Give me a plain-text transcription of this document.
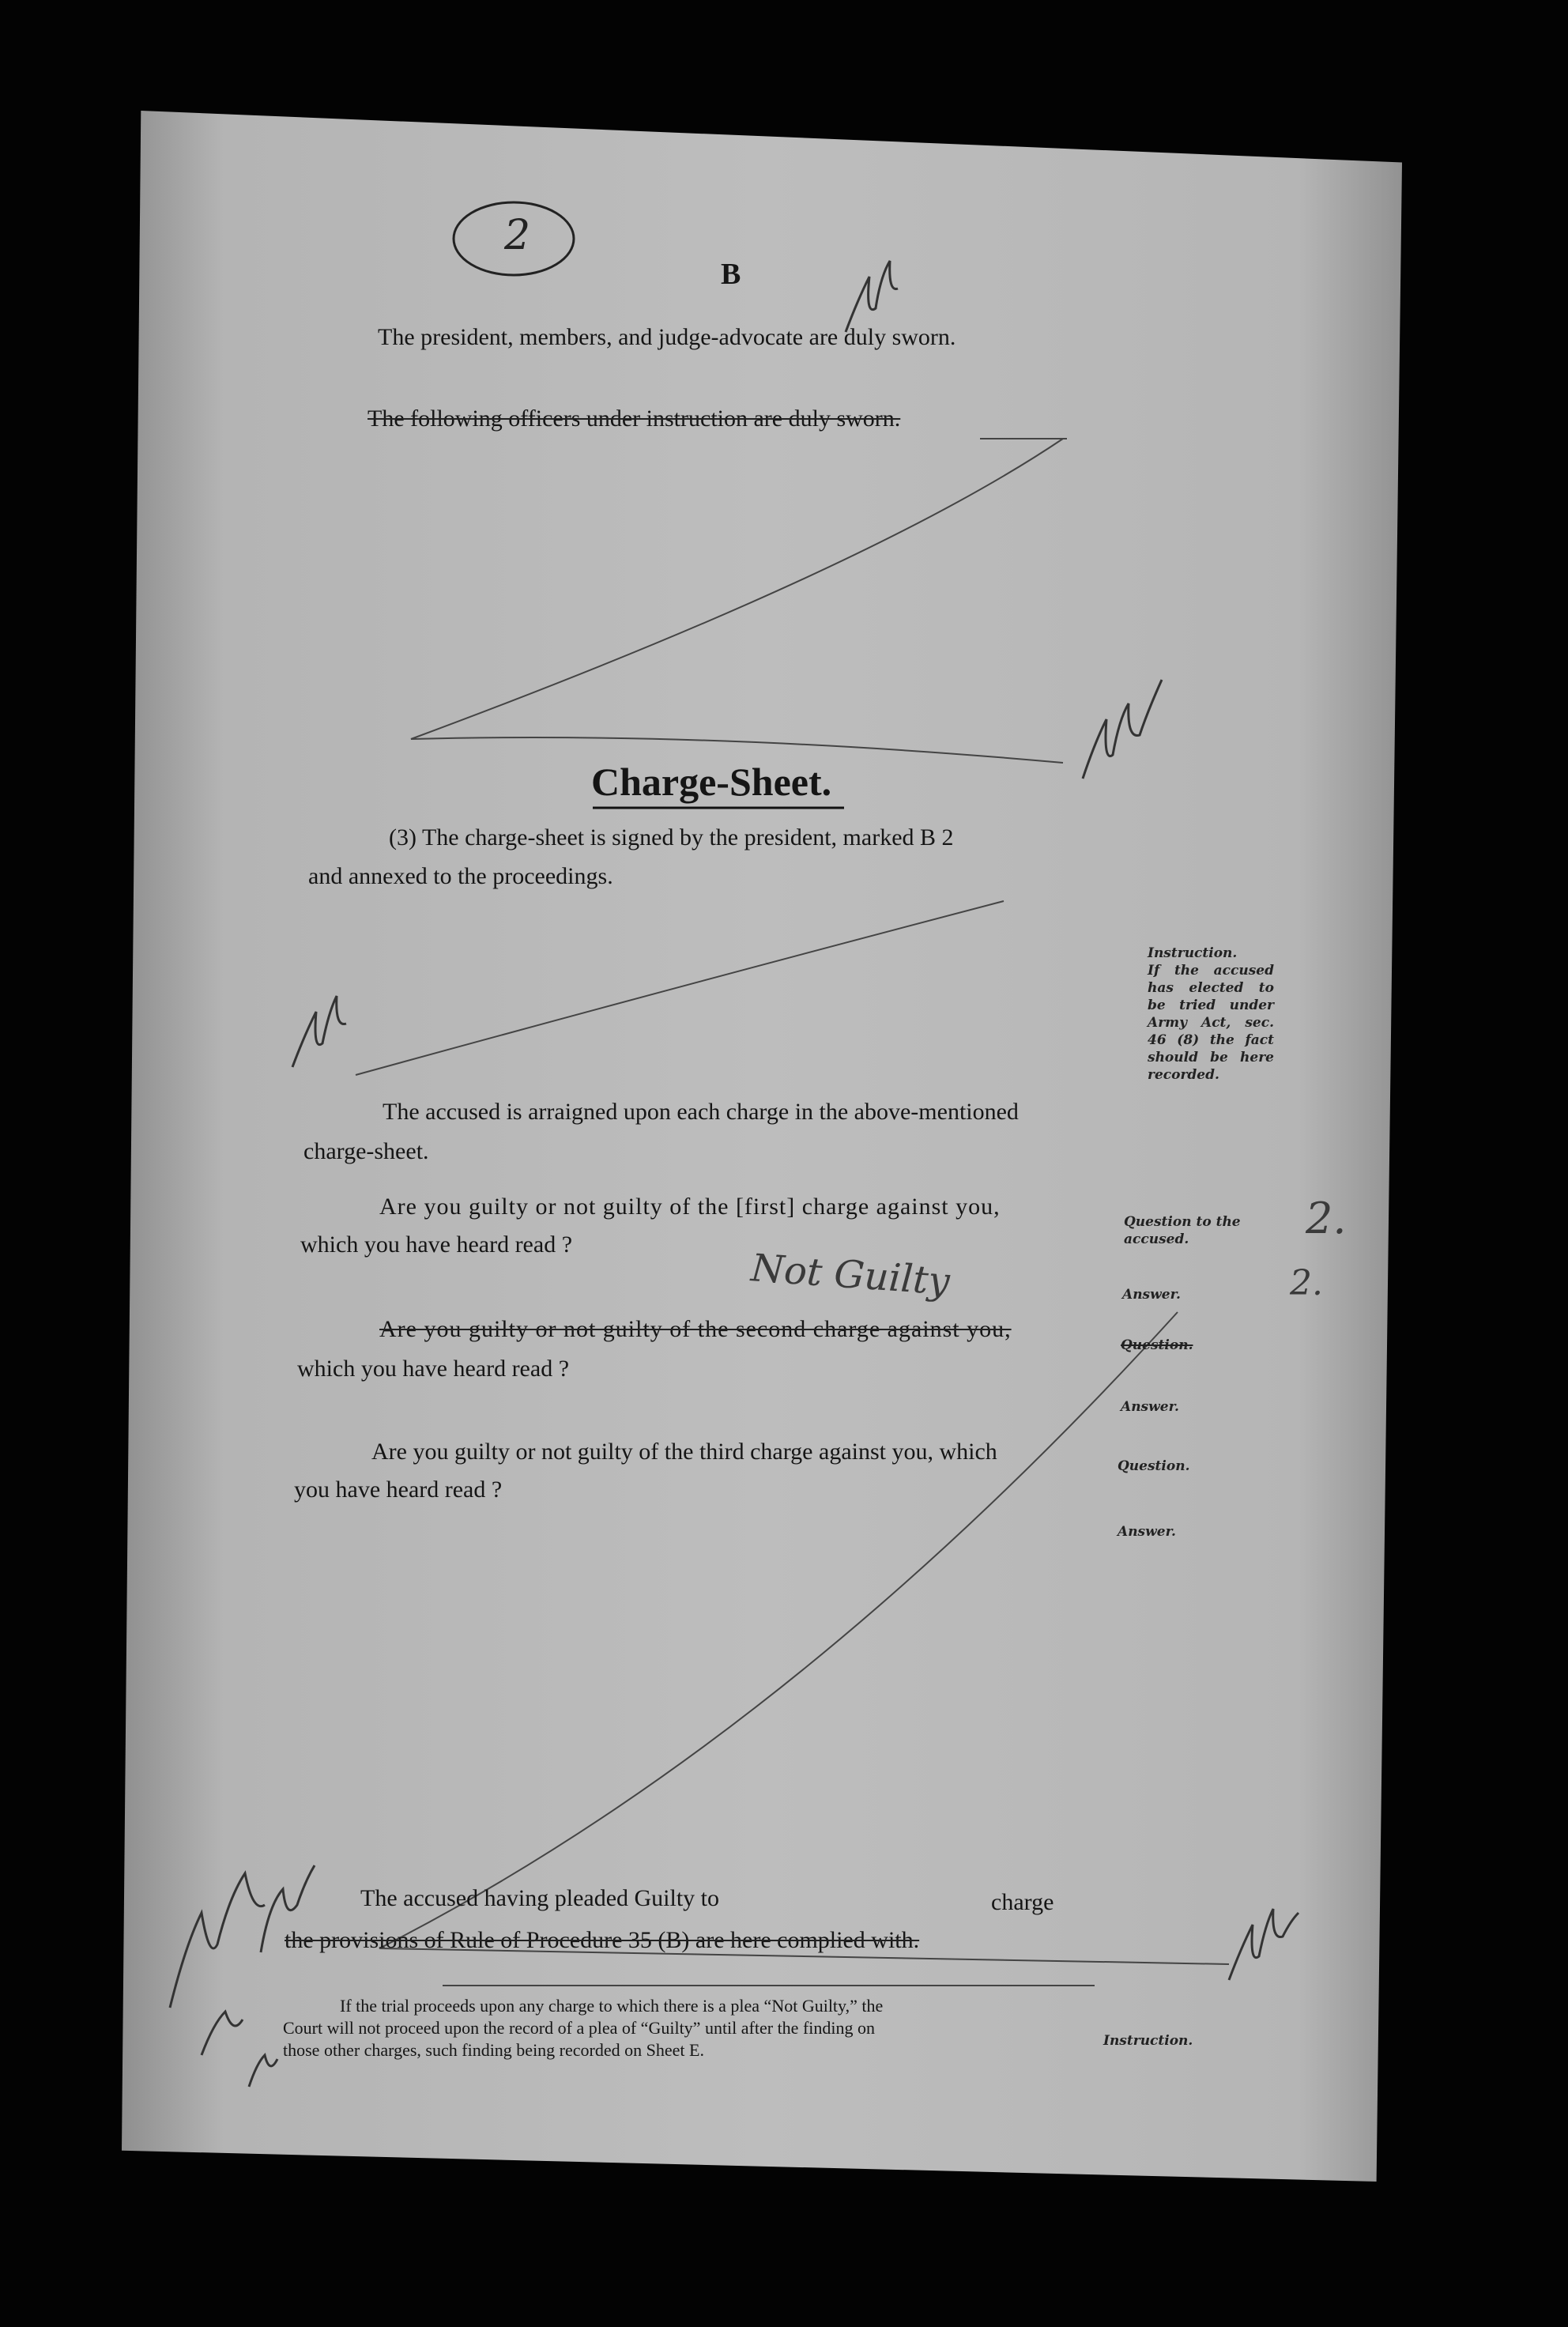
2
B
The president, members, and judge-advocate are duly sworn.
The following officers under instruction are duly sworn.
Charge-Sheet.
(3) The charge-sheet is signed by the president, marked B 2
and annexed to the proceedings.
Instruction.
If the accused has elected to be tried under Army Act, sec. 46 (8) the fact should be here recorded.
The accused is arraigned upon each charge in the above-mentioned
charge-sheet.
Are you guilty or not guilty of the [first] charge against you,
which you have heard read ?
Question to the accused.
Not Guilty	Answer.
Are you guilty or not guilty of the second charge against you,
which you have heard read ?
Question.
Answer.
Are you guilty or not guilty of the third charge against you, which
you have heard read ?
Question.
Answer.
The accused having pleaded Guilty to	charge
the provisions of Rule of Procedure 35 (B) are here complied with.
If the trial proceeds upon any charge to which there is a plea “Not Guilty,” the
Court will not proceed upon the record of a plea of “Guilty” until after the finding on
those other charges, such finding being recorded on Sheet E.	Instruction.
2.
2.
